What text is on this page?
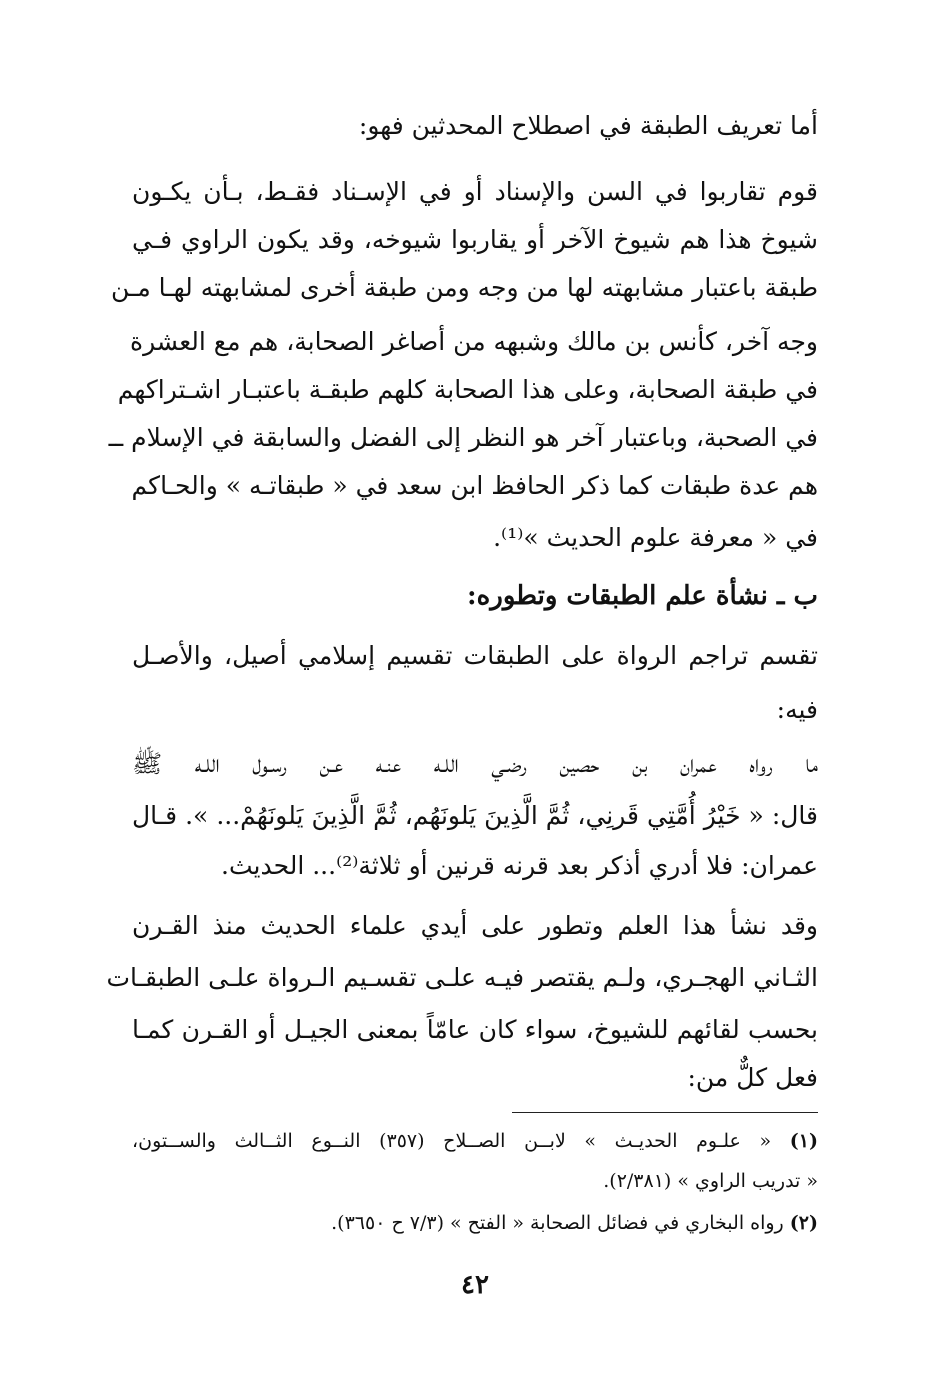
أما تعريف الطبقة في اصطلاح المحدثين فهو:
قوم تقاربوا في السن والإسناد أو في الإسـناد فقـط، بـأن يكـون
شيوخ هذا هم شيوخ الآخر أو يقاربوا شيوخه، وقد يكون الراوي فـي
طبقة باعتبار مشابهته لها من وجه ومن طبقة أخرى لمشابهته لهـا مـن
وجه آخر، كأنس بن مالك وشبهه من أصاغر الصحابة، هم مع العشرة
في طبقة الصحابة، وعلى هذا الصحابة كلهم طبقـة باعتبـار اشـتراكهم
في الصحبة، وباعتبار آخر هو النظر إلى الفضل والسابقة في الإسلام ــ
هم عدة طبقات كما ذكر الحافظ ابن سعد في « طبقاتـه » والحـاكم
في « معرفة علوم الحديث »⁽¹⁾.
ب ـ نشأة علم الطبقات وتطوره:
تقسم تراجم الرواة على الطبقات تقسيم إسلامي أصيل، والأصـل
فيه:
ما رواه عمران بن حصين رضـي اللـه عنـه عـن رسـول اللـه ﷺ
قال: « خَيْرُ أُمَّتِي قَرنِي، ثُمَّ الَّذِينَ يَلونَهُم، ثُمَّ الَّذِينَ يَلونَهُمْ... ». قـال
عمران: فلا أدري أذكر بعد قرنه قرنين أو ثلاثة⁽²⁾... الحديث.
وقد نشأ هذا العلم وتطور على أيدي علماء الحديث منذ القـرن
الثـاني الهجـري، ولـم يقتصر فيـه علـى تقسـيم الـرواة علـى الطبقـات
بحسب لقائهم للشيوخ، سواء كان عامّاً بمعنى الجيـل أو القـرن كمـا
فعل كلٌّ من:
(١) « علـوم الحديـث » لابــن الصــلاح (٣٥٧) النــوع الثــالث والســتون،
« تدريب الراوي » (٢/٣٨١).
(٢) رواه البخاري في فضائل الصحابة « الفتح » (٧/٣ ح ٣٦٥٠).
٤٢
